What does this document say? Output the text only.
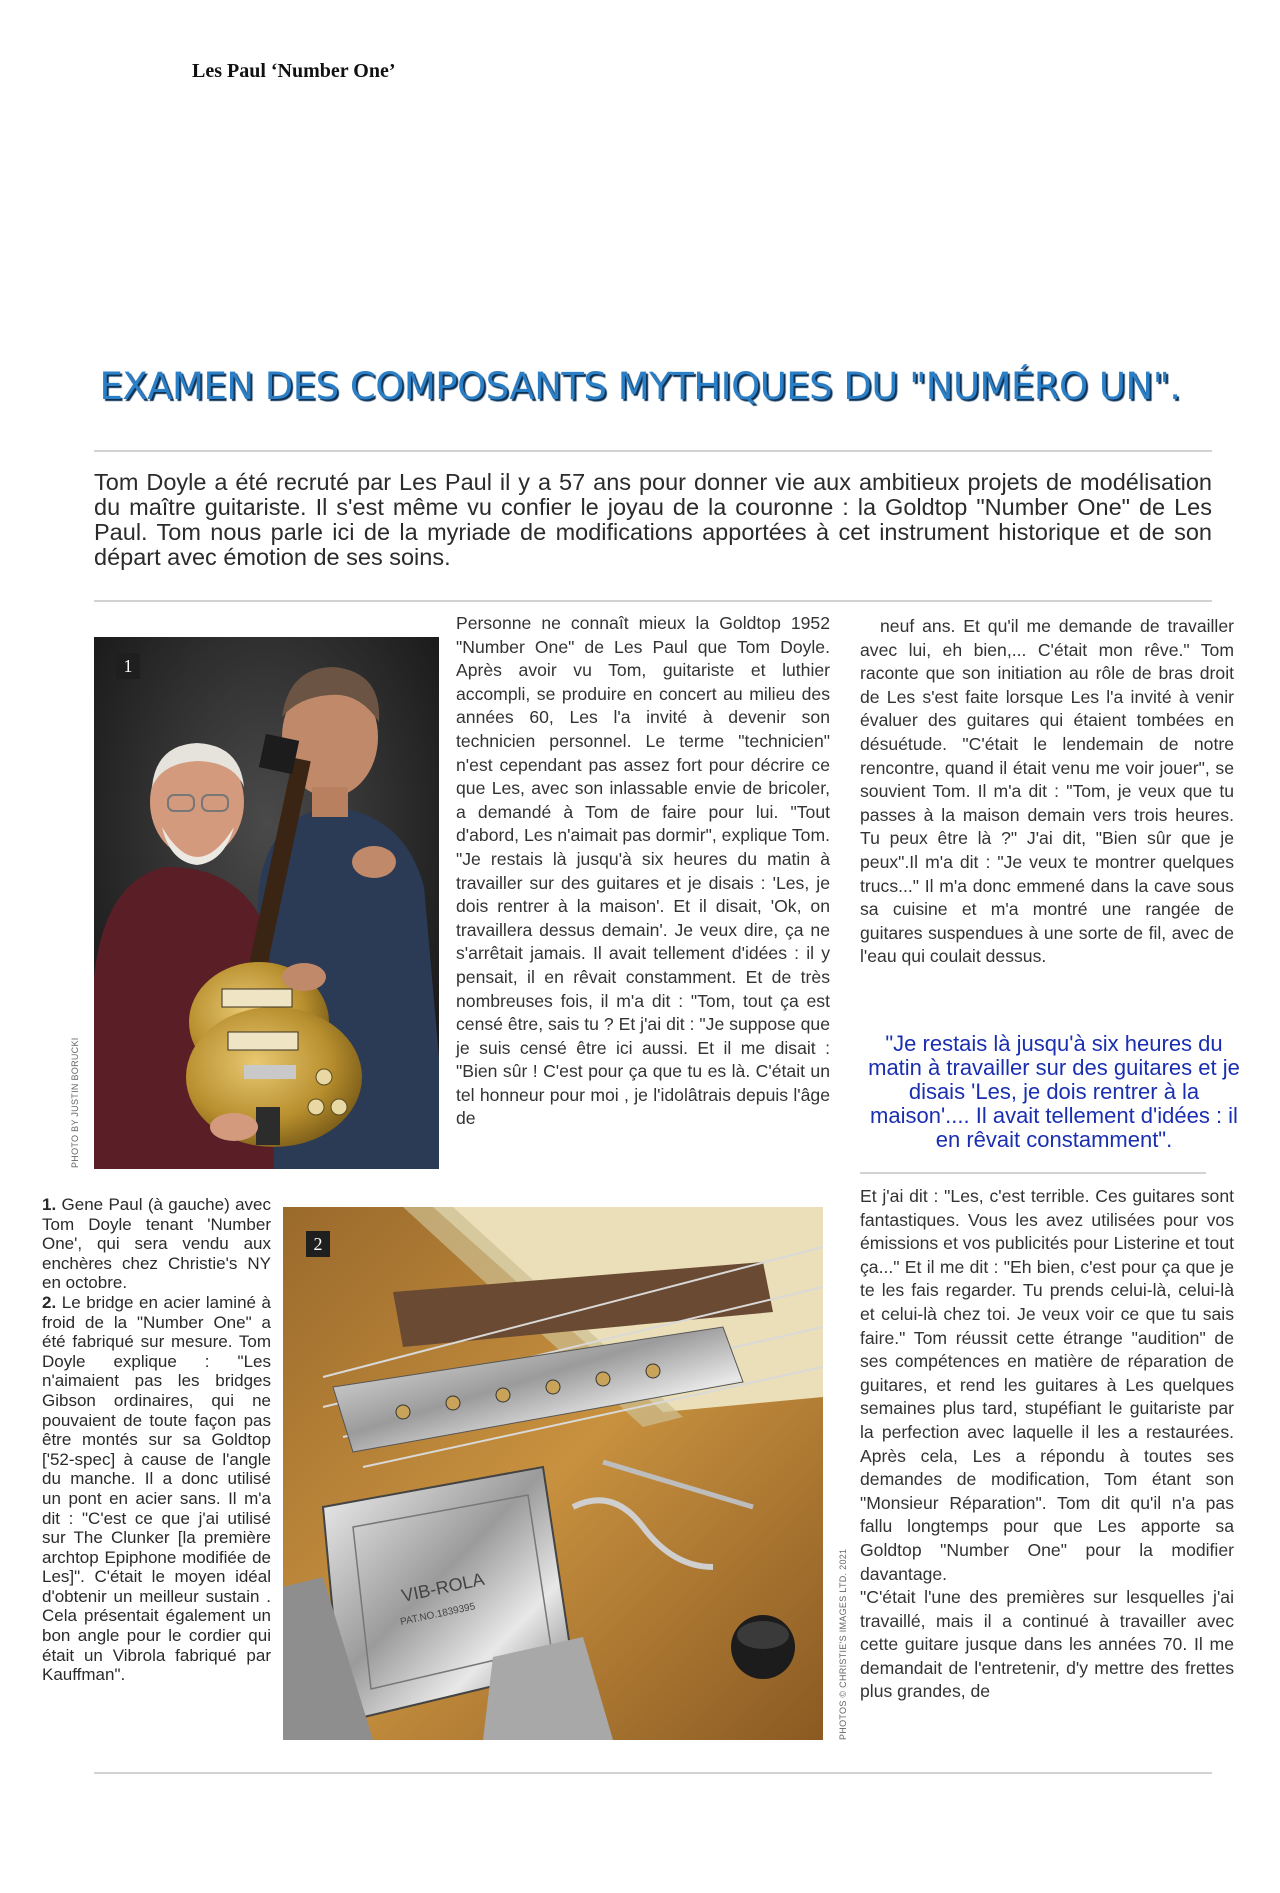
Les Paul ‘Number One’
EXAMEN DES COMPOSANTS MYTHIQUES DU "NUMÉRO UN".
Tom Doyle a été recruté par Les Paul il y a 57 ans pour donner vie aux ambitieux projets de modélisation du maître guitariste. Il s'est même vu confier le joyau de la couronne : la Goldtop "Number One" de Les Paul. Tom nous parle ici de la myriade de modifications apportées à cet instrument historique et de son départ avec émotion de ses soins.
1
PHOTO BY JUSTIN BORUCKI

Personne ne connaît mieux la Goldtop 1952 "Number One" de Les Paul que Tom Doyle. Après avoir vu Tom, guitariste et luthier accompli, se produire en concert au milieu des années 60, Les l'a invité à devenir son technicien personnel. Le terme "technicien" n'est cependant pas assez fort pour décrire ce que Les, avec son inlassable envie de bricoler, a demandé à Tom de faire pour lui. "Tout d'abord, Les n'aimait pas dormir", explique Tom. "Je restais là jusqu'à six heures du matin à travailler sur des guitares et je disais : 'Les, je dois rentrer à la maison'. Et il disait, 'Ok, on travaillera dessus demain'. Je veux dire, ça ne s'arrêtait jamais. Il avait tellement d'idées : il y pensait, il en rêvait constamment. Et de très nombreuses fois, il m'a dit : "Tom, tout ça est censé être, sais tu ? Et j'ai dit : "Je suppose que je suis censé être ici aussi. Et il me disait : "Bien sûr ! C'est pour ça que tu es là. C'était un tel honneur pour moi , je l'idolâtrais depuis l'âge de

neuf ans. Et qu'il me demande de travailler avec lui, eh bien,... C'était mon rêve." Tom raconte que son initiation au rôle de bras droit de Les s'est faite lorsque Les l'a invité à venir évaluer des guitares qui étaient tombées en désuétude. "C'était le lendemain de notre rencontre, quand il était venu me voir jouer", se souvient Tom. Il m'a dit : "Tom, je veux que tu passes à la maison demain vers trois heures. Tu peux être là ?" J'ai dit, "Bien sûr que je peux".Il m'a dit : "Je veux te montrer quelques trucs..." Il m'a donc emmené dans la cave sous sa cuisine et m'a montré une rangée de guitares suspendues à une sorte de fil, avec de l'eau qui coulait dessus.

"Je restais là jusqu'à six heures du matin à travailler sur des guitares et je disais 'Les, je dois rentrer à la maison'.... Il avait tellement d'idées : il en rêvait constamment".

Et j'ai dit : "Les, c'est terrible. Ces guitares sont fantastiques. Vous les avez utilisées pour vos émissions et vos publicités pour Listerine et tout ça..." Et il me dit : "Eh bien, c'est pour ça que je te les fais regarder. Tu prends celui-là, celui-là et celui-là chez toi. Je veux voir ce que tu sais faire." Tom réussit cette étrange "audition" de ses compétences en matière de réparation de guitares, et rend les guitares à Les quelques semaines plus tard, stupéfiant le guitariste par la perfection avec laquelle il les a restaurées. Après cela, Les a répondu à toutes ses demandes de modification, Tom étant son "Monsieur Réparation". Tom dit qu'il n'a pas fallu longtemps pour que Les apporte sa Goldtop "Number One" pour la modifier davantage.

"C'était l'une des premières sur lesquelles j'ai travaillé, mais il a continué à travailler avec cette guitare jusque dans les années 70. Il me demandait de l'entretenir, d'y mettre des frettes plus grandes, de

VIB-ROLA
PAT.NO.1839395
2
PHOTOS © CHRISTIE'S IMAGES LTD. 2021

1. Gene Paul (à gauche) avec Tom Doyle tenant 'Number One', qui sera vendu aux enchères chez Christie's NY en octobre.

2. Le bridge en acier laminé à froid de la "Number One" a été fabriqué sur mesure. Tom Doyle explique : "Les n'aimaient pas les bridges Gibson ordinaires, qui ne pouvaient de toute façon pas être montés sur sa Goldtop ['52-spec] à cause de l'angle du manche. Il a donc utilisé un pont en acier sans. Il m'a dit : "C'est ce que j'ai utilisé sur The Clunker [la première archtop Epiphone modifiée de Les]". C'était le moyen idéal d'obtenir un meilleur sustain . Cela présentait également un bon angle pour le cordier qui était un Vibrola fabriqué par Kauffman".
